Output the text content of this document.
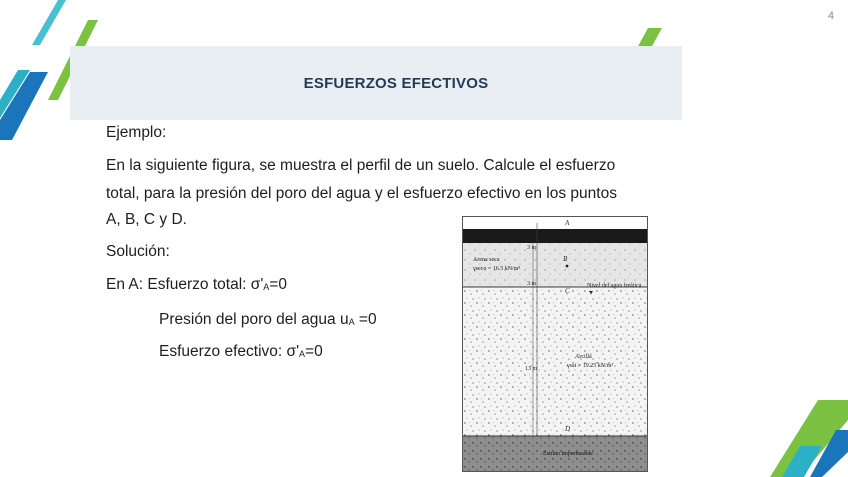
4
ESFUERZOS EFECTIVOS
Ejemplo:
En la siguiente figura, se muestra el perfil de un suelo. Calcule el esfuerzo
total, para la presión del poro del agua y el esfuerzo efectivo en los puntos
A, B, C y D.
Solución:
En A: Esfuerzo total: σ'A=0
Presión del poro del agua uA =0
Esfuerzo efectivo: σ'A=0
A
B
C
D
3 m
3 m
13 m
Arena seca
γseco = 16.5 kN/m³
Nivel del agua freática
Arcilla
γsat = 19.25 kN/m³
Estrato impermeable
